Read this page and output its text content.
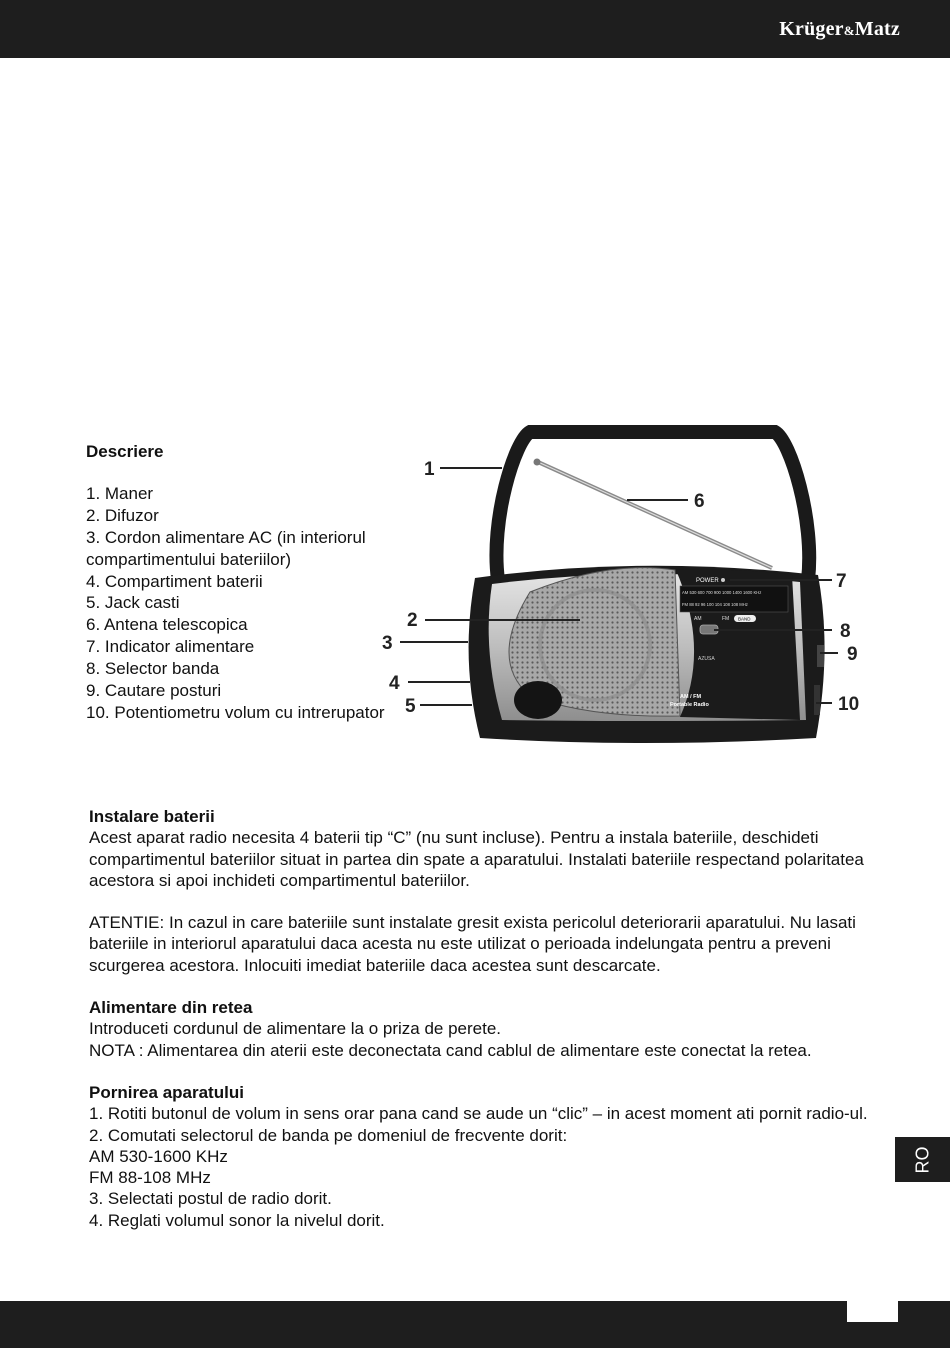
Krüger&Matz
Descriere
1. Maner
2. Difuzor
3. Cordon alimentare AC (in interiorul compartimentului bateriilor)
4. Compartiment baterii
5. Jack casti
6. Antena telescopica
7. Indicator alimentare
8. Selector banda
9. Cautare posturi
10. Potentiometru volum cu intrerupator
POWER
AM 530 600 700 900 1000 1400 1600 KHz
FM 88 92 96 100 104 108 108 MHz
AM	FM BAND
AZUSA
AM / FM
Portable Radio
1
2
3
4
5
6
7
8
9
10
Instalare baterii

Acest aparat radio necesita 4 baterii tip “C” (nu sunt incluse). Pentru a instala bateriile, deschideti compartimentul bateriilor situat in partea din spate a aparatului. Instalati bateriile respectand polaritatea acestora si apoi inchideti compartimentul bateriilor.

ATENTIE: In cazul in care bateriile sunt instalate gresit exista pericolul deteriorarii aparatului. Nu lasati bateriile in interiorul aparatului daca acesta nu este utilizat o perioada indelungata pentru a preveni scurgerea acestora. Inlocuiti imediat bateriile daca acestea sunt descarcate.

Alimentare din retea

Introduceti cordunul de alimentare la o priza de perete.

NOTA : Alimentarea din aterii este deconectata cand cablul de alimentare este conectat la retea.

Pornirea aparatului

1. Rotiti butonul de volum in sens orar pana cand se aude un “clic” – in acest moment ati pornit radio-ul.

2. Comutati selectorul de banda pe domeniul de frecvente dorit:

AM 530-1600 KHz

FM 88-108 MHz

3. Selectati postul de radio dorit.

4. Reglati volumul sonor la nivelul dorit.

RO
